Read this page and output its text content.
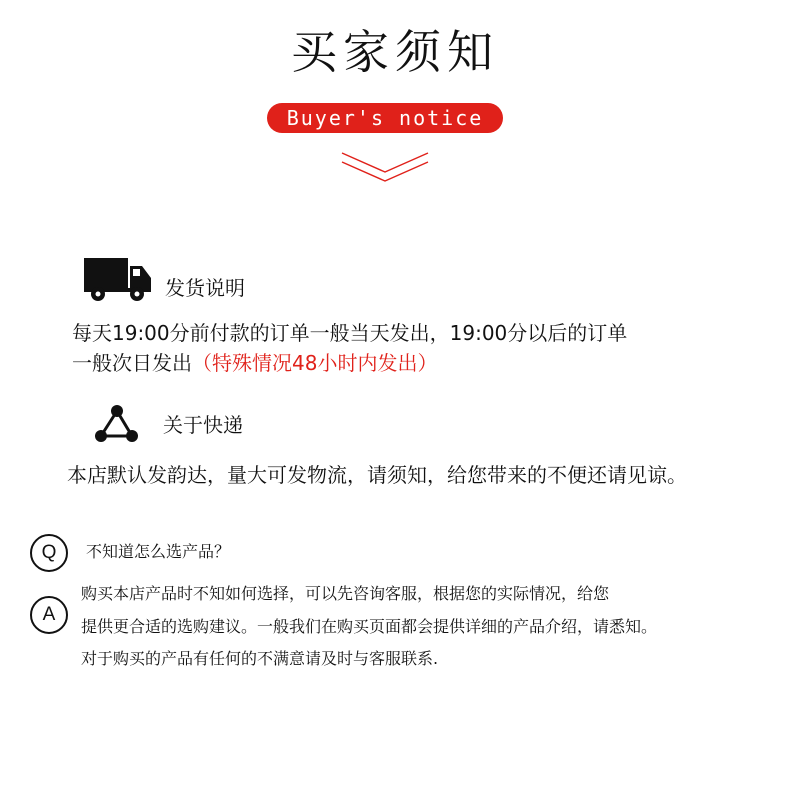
买家须知
Buyer's notice
发货说明
每天19:00分前付款的订单一般当天发出，19:00分以后的订单
一般次日发出（特殊情况48小时内发出）
关于快递
本店默认发韵达，量大可发物流，请须知，给您带来的不便还请见谅。
Q	不知道怎么选产品？
A
购买本店产品时不知如何选择，可以先咨询客服，根据您的实际情况，给您
提供更合适的选购建议。一般我们在购买页面都会提供详细的产品介绍，请悉知。
对于购买的产品有任何的不满意请及时与客服联系.
